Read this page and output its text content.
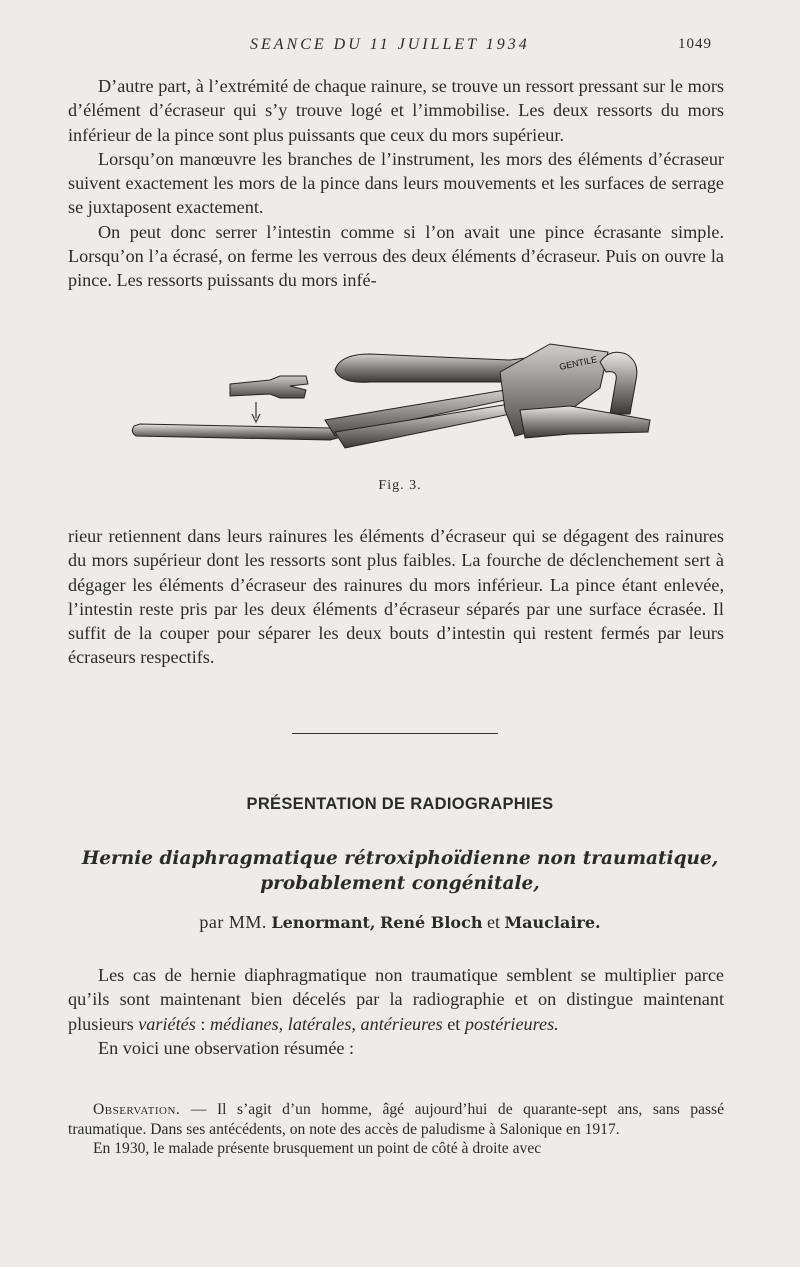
SEANCE DU 11 JUILLET 1934	1049

D’autre part, à l’extrémité de chaque rainure, se trouve un ressort pressant sur le mors d’élément d’écraseur qui s’y trouve logé et l’immobilise. Les deux ressorts du mors inférieur de la pince sont plus puissants que ceux du mors supérieur.

Lorsqu’on manœuvre les branches de l’instrument, les mors des éléments d’écraseur suivent exactement les mors de la pince dans leurs mouvements et les surfaces de serrage se juxtaposent exactement.

On peut donc serrer l’intestin comme si l’on avait une pince écrasante simple. Lorsqu’on l’a écrasé, on ferme les verrous des deux éléments d’écraseur. Puis on ouvre la pince. Les ressorts puissants du mors infé-

GENTILE
Fig. 3.

rieur retiennent dans leurs rainures les éléments d’écraseur qui se dégagent des rainures du mors supérieur dont les ressorts sont plus faibles. La fourche de déclenchement sert à dégager les éléments d’écraseur des rainures du mors inférieur. La pince étant enlevée, l’intestin reste pris par les deux éléments d’écraseur séparés par une surface écrasée. Il suffit de la couper pour séparer les deux bouts d’intestin qui restent fermés par leurs écraseurs respectifs.

PRÉSENTATION DE RADIOGRAPHIES
Hernie diaphragmatique rétroxiphoïdienne non traumatique,
probablement congénitale,
par MM. Lenormant, René Bloch et Mauclaire.

Les cas de hernie diaphragmatique non traumatique semblent se multiplier parce qu’ils sont maintenant bien décelés par la radiographie et on distingue maintenant plusieurs variétés : médianes, latérales, antérieures et postérieures.

En voici une observation résumée :

Observation. — Il s’agit d’un homme, âgé aujourd’hui de quarante-sept ans, sans passé traumatique. Dans ses antécédents, on note des accès de paludisme à Salonique en 1917.

En 1930, le malade présente brusquement un point de côté à droite avec
